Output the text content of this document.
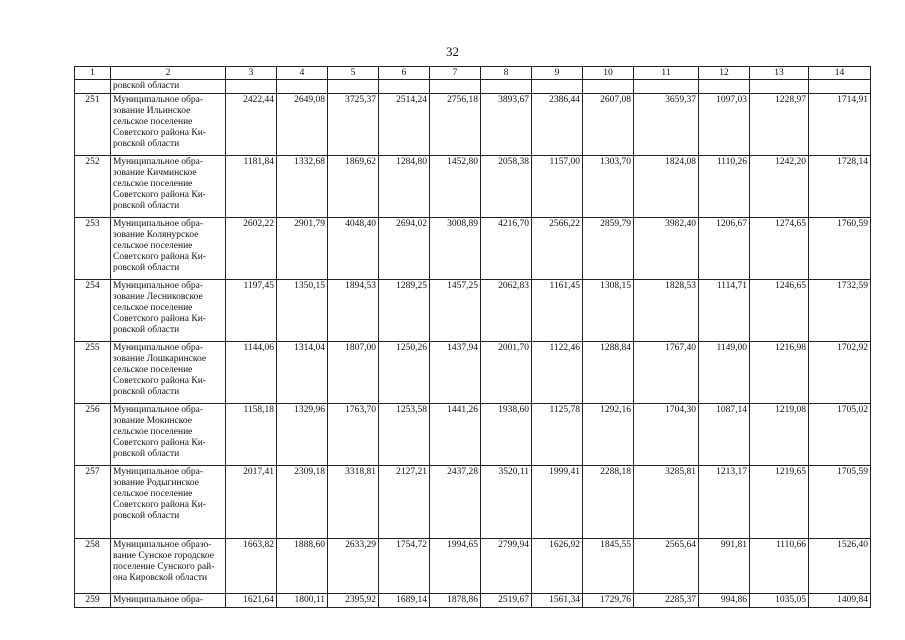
32
1	2	3	4	5	6	7	8	9	10	11	12	13	14
	ровской области												
251	Муниципальное обра-зование Ильинское сельское поселение Советского района Ки-ровской области	2422,44	2649,08	3725,37	2514,24	2756,18	3893,67	2386,44	2607,08	3659,37	1097,03	1228,97	1714,91
252	Муниципальное обра-зование Кичминское сельское поселение Советского района Ки-ровской области	1181,84	1332,68	1869,62	1284,80	1452,80	2058,38	1157,00	1303,70	1824,08	1110,26	1242,20	1728,14
253	Муниципальное обра-зование Колянурское сельское поселение Советского района Ки-ровской области	2602,22	2901,79	4048,40	2694,02	3008,89	4216,70	2566,22	2859,79	3982,40	1206,67	1274,65	1760,59
254	Муниципальное обра-зование Лесниковское сельское поселение Советского района Ки-ровской области	1197,45	1350,15	1894,53	1289,25	1457,25	2062,83	1161,45	1308,15	1828,53	1114,71	1246,65	1732,59
255	Муниципальное обра-зование Лошкаринское сельское поселение Советского района Ки-ровской области	1144,06	1314,04	1807,00	1250,26	1437,94	2001,70	1122,46	1288,84	1767,40	1149,00	1216,98	1702,92
256	Муниципальное обра-зование Мокинское сельское поселение Советского района Ки-ровской области	1158,18	1329,96	1763,70	1253,58	1441,26	1938,60	1125,78	1292,16	1704,30	1087,14	1219,08	1705,02
257	Муниципальное обра-зование Родыгинское сельское поселение Советского района Ки-ровской области	2017,41	2309,18	3318,81	2127,21	2437,28	3520,11	1999,41	2288,18	3285,81	1213,17	1219,65	1705,59
258	Муниципальное образо-вание Сунское городское поселение Сунского рай-она Кировской области	1663,82	1888,60	2633,29	1754,72	1994,65	2799,94	1626,92	1845,55	2565,64	991,81	1110,66	1526,40
259	Муниципальное обра-	1621,64	1800,11	2395,92	1689,14	1878,86	2519,67	1561,34	1729,76	2285,37	994,86	1035,05	1409,84
